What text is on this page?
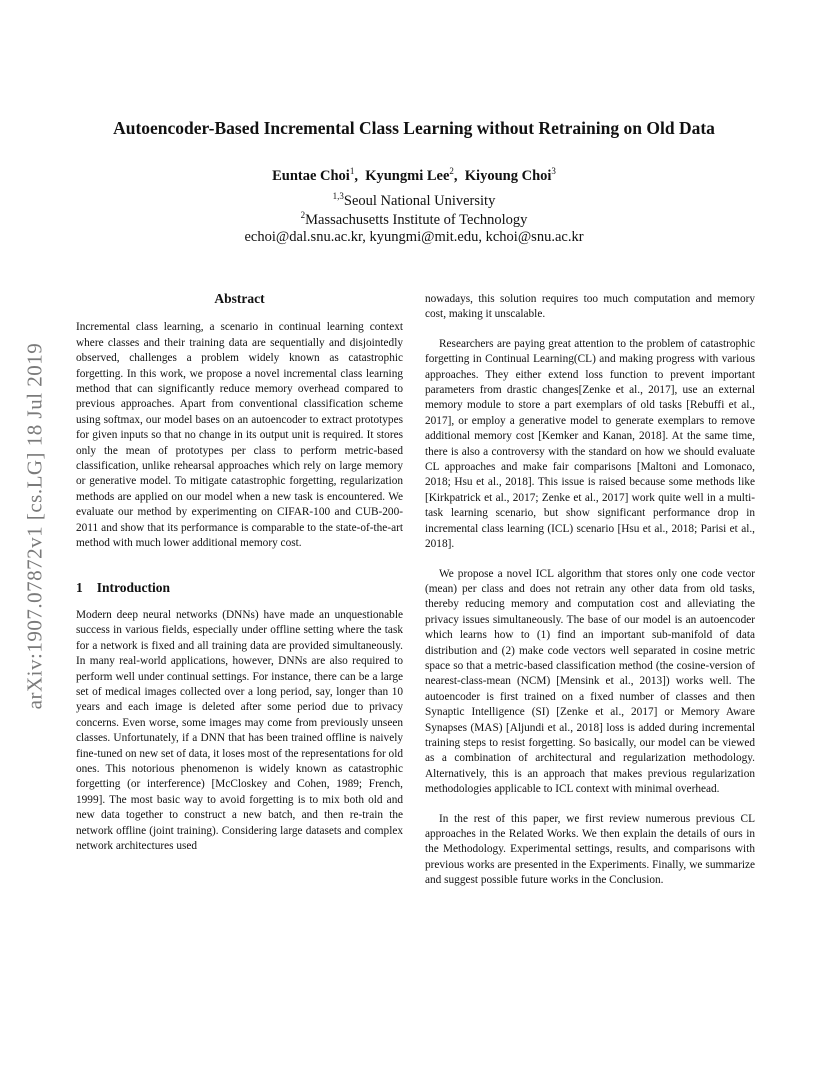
arXiv:1907.07872v1 [cs.LG] 18 Jul 2019
Autoencoder-Based Incremental Class Learning without Retraining on Old Data
Euntae Choi$^1$,  Kyungmi Lee$^2$,  Kiyoung Choi$^3$
$^{1,3}$Seoul National University
$^2$Massachusetts Institute of Technology
echoi@dal.snu.ac.kr, kyungmi@mit.edu, kchoi@snu.ac.kr
Abstract

Incremental class learning, a scenario in continual learning context where classes and their training data are sequentially and disjointedly observed, challenges a problem widely known as catastrophic forgetting. In this work, we propose a novel incremental class learning method that can significantly reduce memory overhead compared to previous approaches. Apart from conventional classification scheme using softmax, our model bases on an autoencoder to extract prototypes for given inputs so that no change in its output unit is required. It stores only the mean of prototypes per class to perform metric-based classification, unlike rehearsal approaches which rely on large memory or generative model. To mitigate catastrophic forgetting, regularization methods are applied on our model when a new task is encountered. We evaluate our method by experimenting on CIFAR-100 and CUB-200-2011 and show that its performance is comparable to the state-of-the-art method with much lower additional memory cost.

1 Introduction

Modern deep neural networks (DNNs) have made an unquestionable success in various fields, especially under offline setting where the task for a network is fixed and all training data are provided simultaneously. In many real-world applications, however, DNNs are also required to perform well under continual settings. For instance, there can be a large set of medical images collected over a long period, say, longer than 10 years and each image is deleted after some period due to privacy concerns. Even worse, some images may come from previously unseen classes. Unfortunately, if a DNN that has been trained offline is naively fine-tuned on new set of data, it loses most of the representations for old ones. This notorious phenomenon is widely known as catastrophic forgetting (or interference) [McCloskey and Cohen, 1989; French, 1999]. The most basic way to avoid forgetting is to mix both old and new data together to construct a new batch, and then re-train the network offline (joint training). Considering large datasets and complex network architectures used

nowadays, this solution requires too much computation and memory cost, making it unscalable.

Researchers are paying great attention to the problem of catastrophic forgetting in Continual Learning(CL) and making progress with various approaches. They either extend loss function to prevent important parameters from drastic changes[Zenke et al., 2017], use an external memory module to store a part exemplars of old tasks [Rebuffi et al., 2017], or employ a generative model to generate exemplars to remove additional memory cost [Kemker and Kanan, 2018]. At the same time, there is also a controversy with the standard on how we should evaluate CL approaches and make fair comparisons [Maltoni and Lomonaco, 2018; Hsu et al., 2018]. This issue is raised because some methods like [Kirkpatrick et al., 2017; Zenke et al., 2017] work quite well in a multi-task learning scenario, but show significant performance drop in incremental class learning (ICL) scenario [Hsu et al., 2018; Parisi et al., 2018].

We propose a novel ICL algorithm that stores only one code vector (mean) per class and does not retrain any other data from old tasks, thereby reducing memory and computation cost and alleviating the privacy issues simultaneously. The base of our model is an autoencoder which learns how to (1) find an important sub-manifold of data distribution and (2) make code vectors well separated in cosine metric space so that a metric-based classification method (the cosine-version of nearest-class-mean (NCM) [Mensink et al., 2013]) works well. The autoencoder is first trained on a fixed number of classes and then Synaptic Intelligence (SI) [Zenke et al., 2017] or Memory Aware Synapses (MAS) [Aljundi et al., 2018] loss is added during incremental training steps to resist forgetting. So basically, our model can be viewed as a combination of architectural and regularization methodology. Alternatively, this is an approach that makes previous regularization methodologies applicable to ICL context with minimal overhead.

In the rest of this paper, we first review numerous previous CL approaches in the Related Works. We then explain the details of ours in the Methodology. Experimental settings, results, and comparisons with previous works are presented in the Experiments. Finally, we summarize and suggest possible future works in the Conclusion.
